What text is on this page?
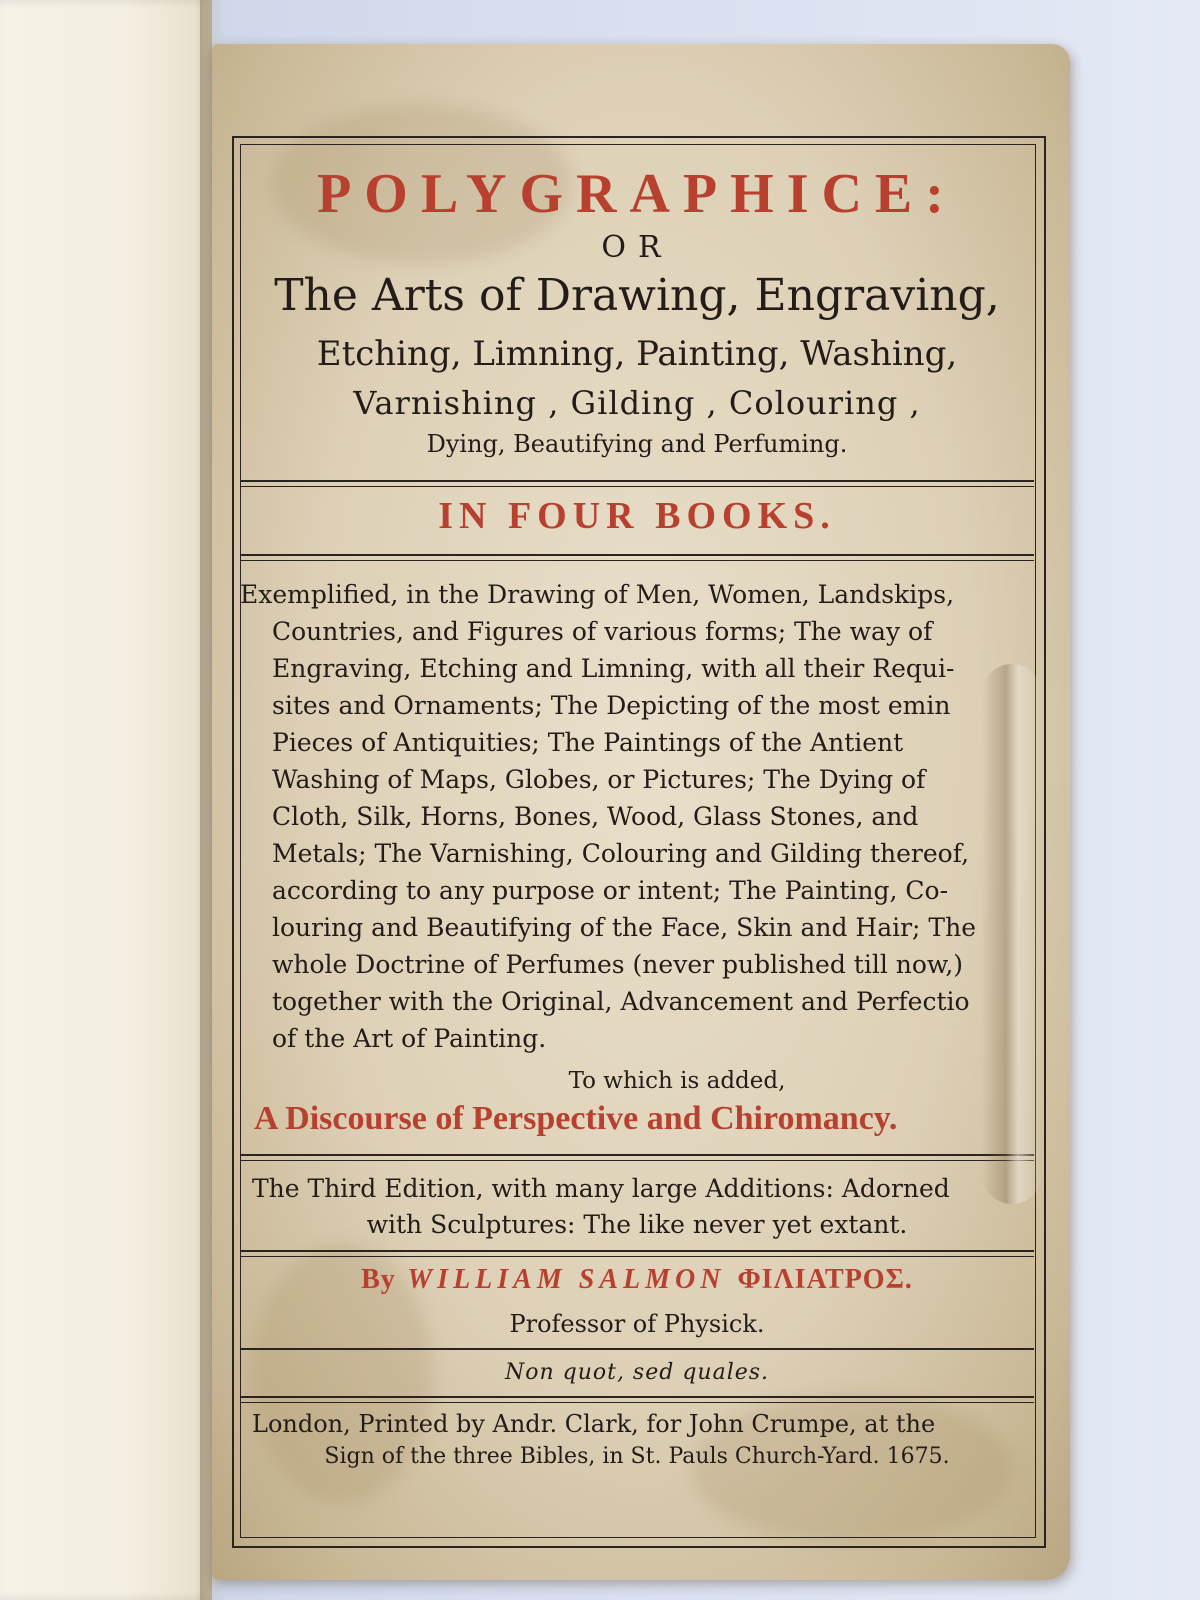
POLYGRAPHICE:
OR
The Arts of Drawing, Engraving,
Etching, Limning, Painting, Washing,
Varnishing , Gilding , Colouring ,
Dying, Beautifying and Perfuming.
IN FOUR BOOKS.
Exemplified, in the Drawing of Men, Women, Landskips,
Countries, and Figures of various forms; The way of
Engraving, Etching and Limning, with all their Requi-
sites and Ornaments; The Depicting of the most emin
Pieces of Antiquities; The Paintings of the Antient
Washing of Maps, Globes, or Pictures; The Dying of
Cloth, Silk, Horns, Bones, Wood, Glass Stones, and
Metals; The Varnishing, Colouring and Gilding thereof,
according to any purpose or intent; The Painting, Co-
louring and Beautifying of the Face, Skin and Hair; The
whole Doctrine of Perfumes (never published till now,)
together with the Original, Advancement and Perfectio
of the Art of Painting.
To which is added,
A Discourse of Perspective and Chiromancy.
The Third Edition, with many large Additions: Adorned
with Sculptures: The like never yet extant.
By WILLIAM SALMON ΦΙΛΙΑΤΡΟΣ.
Professor of Physick.
Non quot, sed quales.
London, Printed by Andr. Clark, for John Crumpe, at the
Sign of the three Bibles, in St. Pauls Church-Yard. 1675.
